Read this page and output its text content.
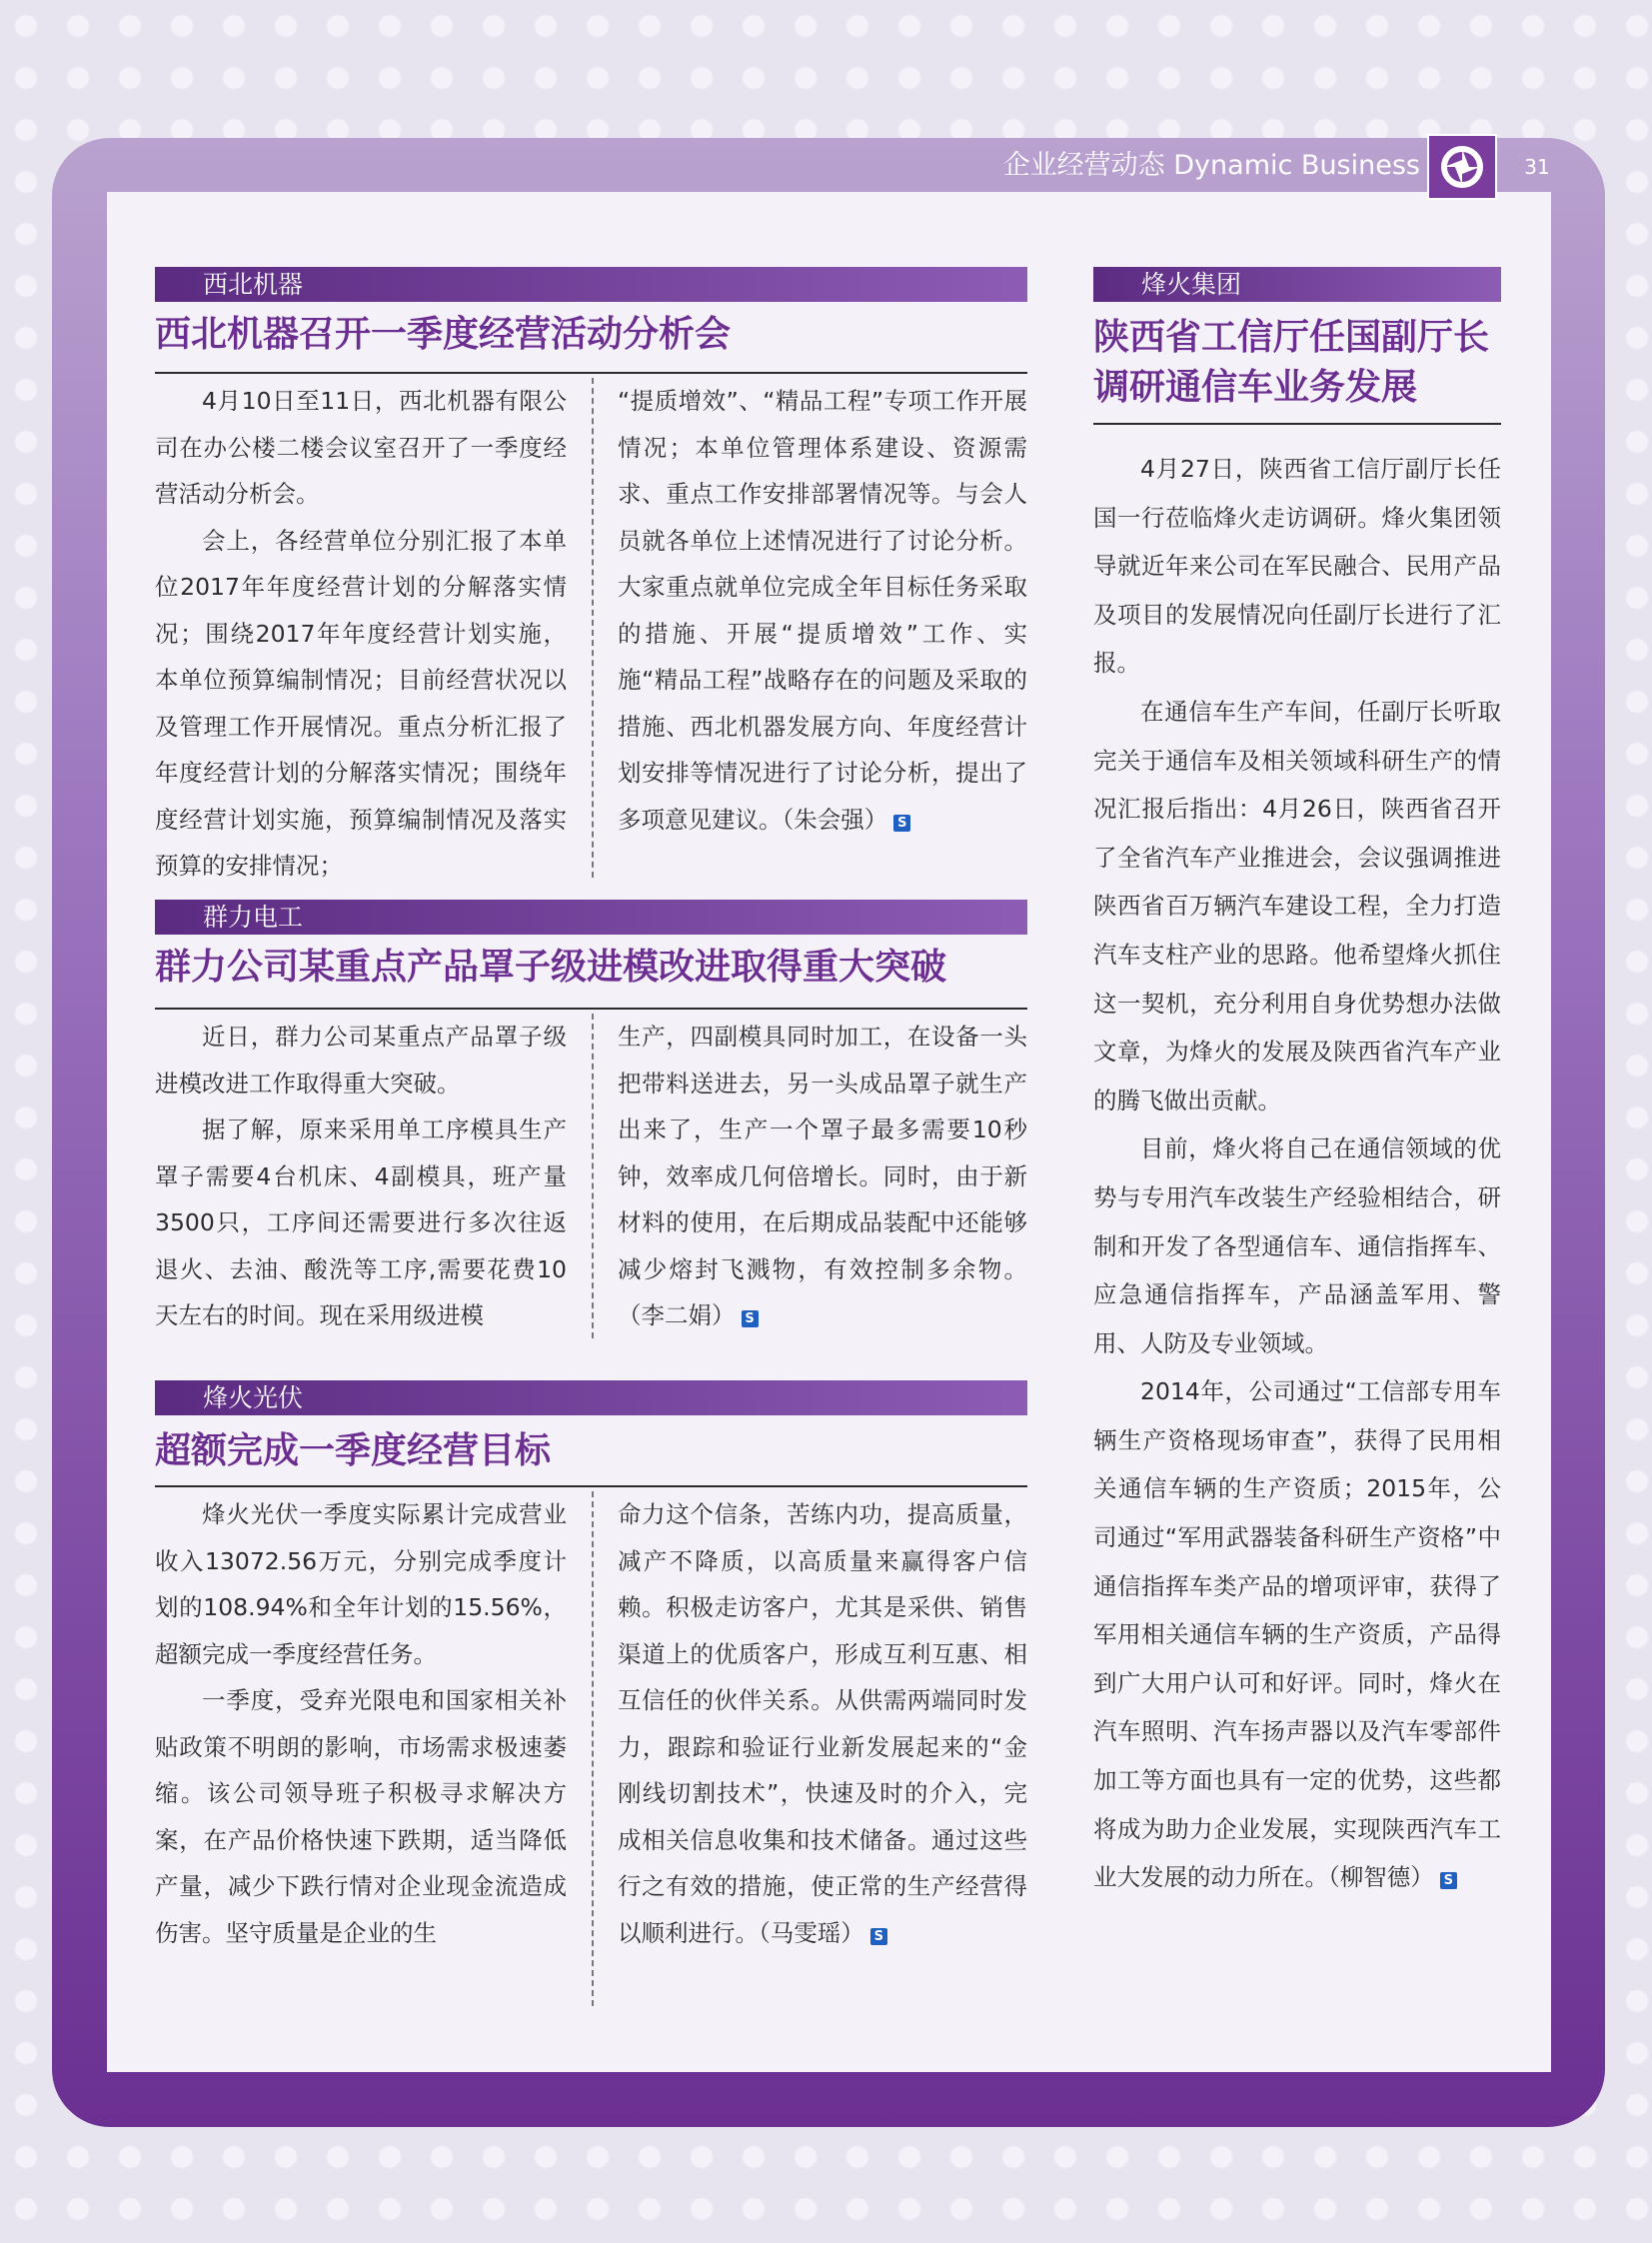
企业经营动态 Dynamic Business	31
西北机器
西北机器召开一季度经营活动分析会

4月10日至11日，西北机器有限公司在办公楼二楼会议室召开了一季度经营活动分析会。

会上，各经营单位分别汇报了本单位2017年年度经营计划的分解落实情况；围绕2017年年度经营计划实施，本单位预算编制情况；目前经营状况以及管理工作开展情况。重点分析汇报了年度经营计划的分解落实情况；围绕年度经营计划实施，预算编制情况及落实预算的安排情况；

“提质增效”、“精品工程”专项工作开展情况；本单位管理体系建设、资源需求、重点工作安排部署情况等。与会人员就各单位上述情况进行了讨论分析。大家重点就单位完成全年目标任务采取的措施、开展“提质增效”工作、实施“精品工程”战略存在的问题及采取的措施、西北机器发展方向、年度经营计划安排等情况进行了讨论分析，提出了多项意见建议。（朱会强） S

群力电工
群力公司某重点产品罩子级进模改进取得重大突破

近日，群力公司某重点产品罩子级进模改进工作取得重大突破。

据了解，原来采用单工序模具生产罩子需要4台机床、4副模具，班产量3500只，工序间还需要进行多次往返退火、去油、酸洗等工序,需要花费10天左右的时间。现在采用级进模

生产，四副模具同时加工，在设备一头把带料送进去，另一头成品罩子就生产出来了，生产一个罩子最多需要10秒钟，效率成几何倍增长。同时，由于新材料的使用，在后期成品装配中还能够减少熔封飞溅物，有效控制多余物。（李二娟） S

烽火光伏
超额完成一季度经营目标

烽火光伏一季度实际累计完成营业收入13072.56万元，分别完成季度计划的108.94%和全年计划的15.56%，超额完成一季度经营任务。

一季度，受弃光限电和国家相关补贴政策不明朗的影响，市场需求极速萎缩。该公司领导班子积极寻求解决方案，在产品价格快速下跌期，适当降低产量，减少下跌行情对企业现金流造成伤害。坚守质量是企业的生

命力这个信条，苦练内功，提高质量，减产不降质，以高质量来赢得客户信赖。积极走访客户，尤其是采供、销售渠道上的优质客户，形成互利互惠、相互信任的伙伴关系。从供需两端同时发力，跟踪和验证行业新发展起来的“金刚线切割技术”，快速及时的介入，完成相关信息收集和技术储备。通过这些行之有效的措施，使正常的生产经营得以顺利进行。（马雯瑶） S

烽火集团
陕西省工信厅任国副厅长
调研通信车业务发展

4月27日，陕西省工信厅副厅长任国一行莅临烽火走访调研。烽火集团领导就近年来公司在军民融合、民用产品及项目的发展情况向任副厅长进行了汇报。

在通信车生产车间，任副厅长听取完关于通信车及相关领域科研生产的情况汇报后指出：4月26日，陕西省召开了全省汽车产业推进会，会议强调推进陕西省百万辆汽车建设工程，全力打造汽车支柱产业的思路。他希望烽火抓住这一契机，充分利用自身优势想办法做文章，为烽火的发展及陕西省汽车产业的腾飞做出贡献。

目前，烽火将自己在通信领域的优势与专用汽车改装生产经验相结合，研制和开发了各型通信车、通信指挥车、应急通信指挥车，产品涵盖军用、警用、人防及专业领域。

2014年，公司通过“工信部专用车辆生产资格现场审查”，获得了民用相关通信车辆的生产资质；2015年，公司通过“军用武器装备科研生产资格”中通信指挥车类产品的增项评审，获得了军用相关通信车辆的生产资质，产品得到广大用户认可和好评。同时，烽火在汽车照明、汽车扬声器以及汽车零部件加工等方面也具有一定的优势，这些都将成为助力企业发展，实现陕西汽车工业大发展的动力所在。（柳智德） S
